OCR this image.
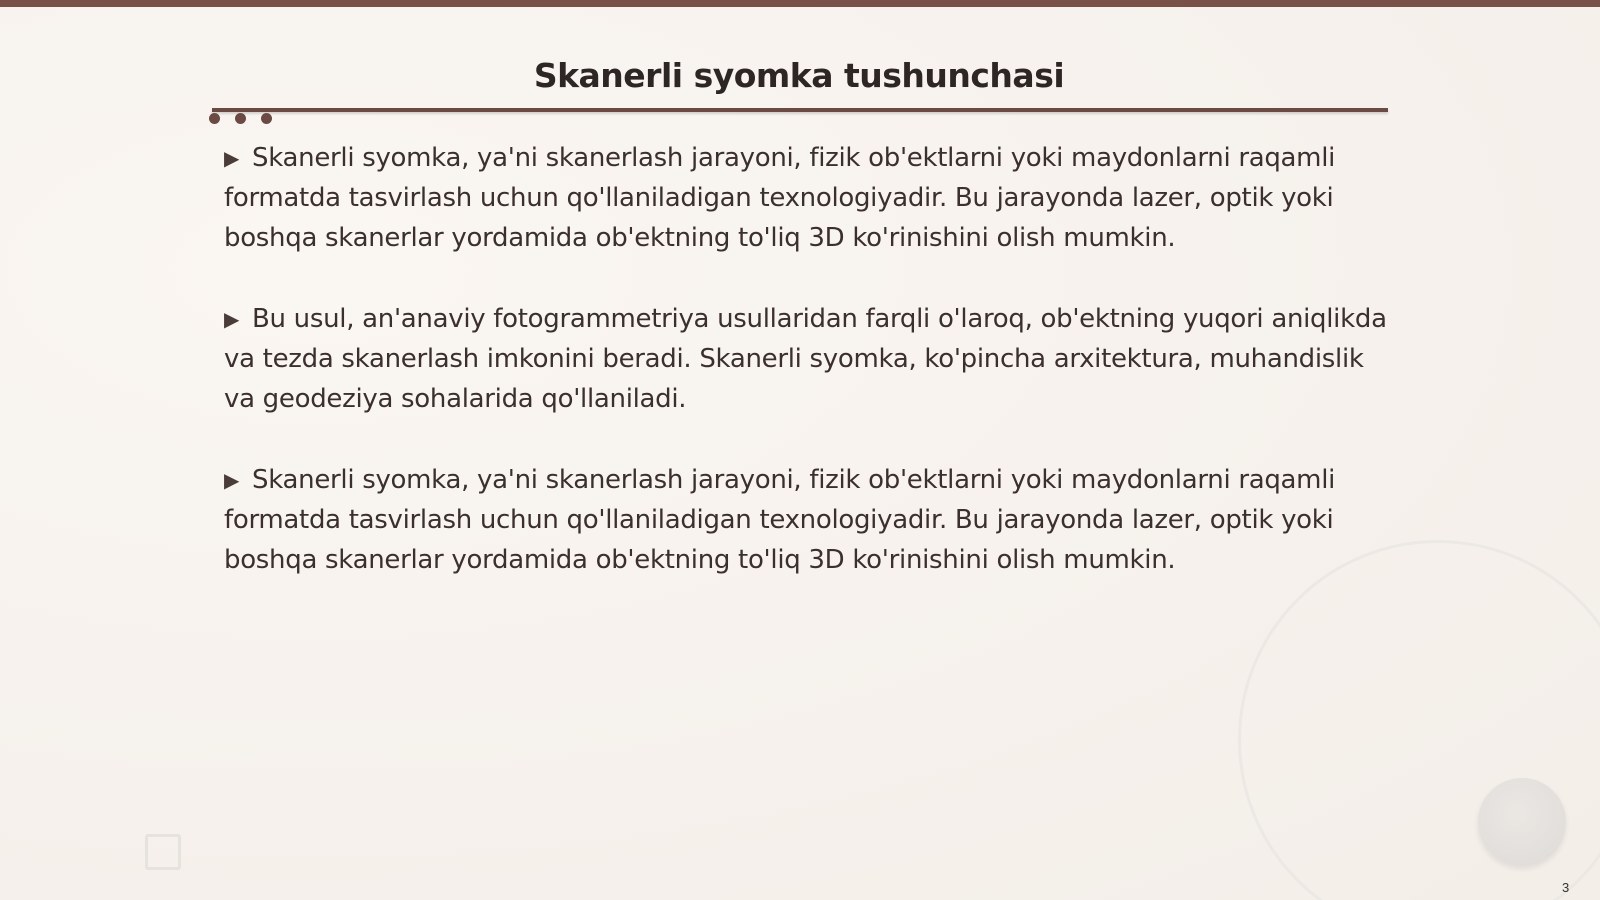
Skanerli syomka tushunchasi

▶ Skanerli syomka, ya'ni skanerlash jarayoni, fizik ob'ektlarni yoki maydonlarni raqamli formatda tasvirlash uchun qo'llaniladigan texnologiyadir. Bu jarayonda lazer, optik yoki boshqa skanerlar yordamida ob'ektning to'liq 3D ko'rinishini olish mumkin.

▶ Bu usul, an'anaviy fotogrammetriya usullaridan farqli o'laroq, ob'ektning yuqori aniqlikda va tezda skanerlash imkonini beradi. Skanerli syomka, ko'pincha arxitektura, muhandislik va geodeziya sohalarida qo'llaniladi.

▶ Skanerli syomka, ya'ni skanerlash jarayoni, fizik ob'ektlarni yoki maydonlarni raqamli formatda tasvirlash uchun qo'llaniladigan texnologiyadir. Bu jarayonda lazer, optik yoki boshqa skanerlar yordamida ob'ektning to'liq 3D ko'rinishini olish mumkin.

3
